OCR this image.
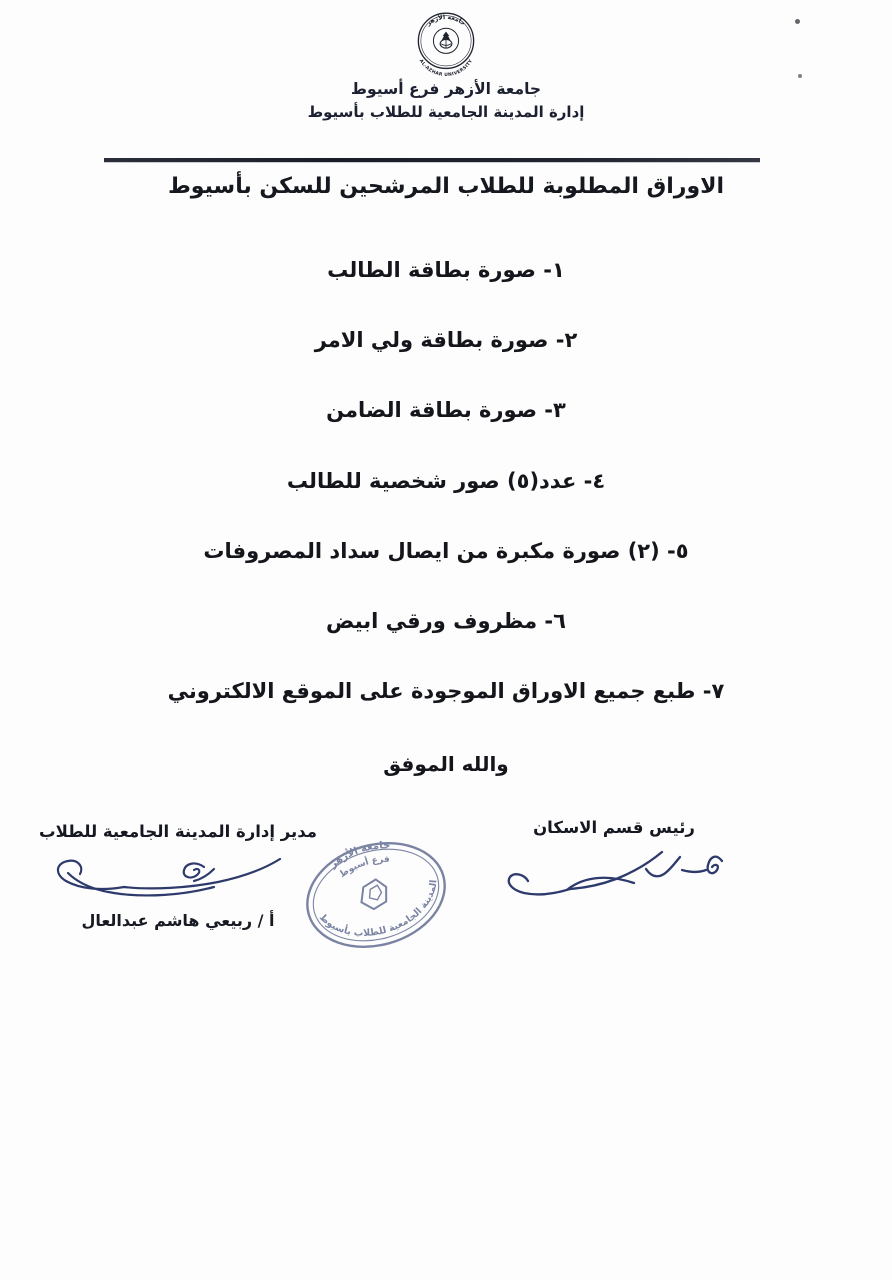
جامعة الأزهر
AL-AZHAR UNIVERSITY
جامعة الأزهر فرع أسيوط
إدارة المدينة الجامعية للطلاب بأسيوط
الاوراق المطلوبة للطلاب المرشحين للسكن بأسيوط
١- صورة بطاقة الطالب
٢- صورة بطاقة ولي الامر
٣- صورة بطاقة الضامن
٤- عدد(٥) صور شخصية للطالب
٥- (٢) صورة مكبرة من ايصال سداد المصروفات
٦- مظروف ورقي ابيض
٧- طبع جميع الاوراق الموجودة على الموقع الالكتروني
والله الموفق
رئيس قسم الاسكان
مدير إدارة المدينة الجامعية للطلاب
أ / ربيعي هاشم عبدالعال
جامعة الأزهر
فرع أسيوط
المدينة الجامعية للطلاب بأسيوط
